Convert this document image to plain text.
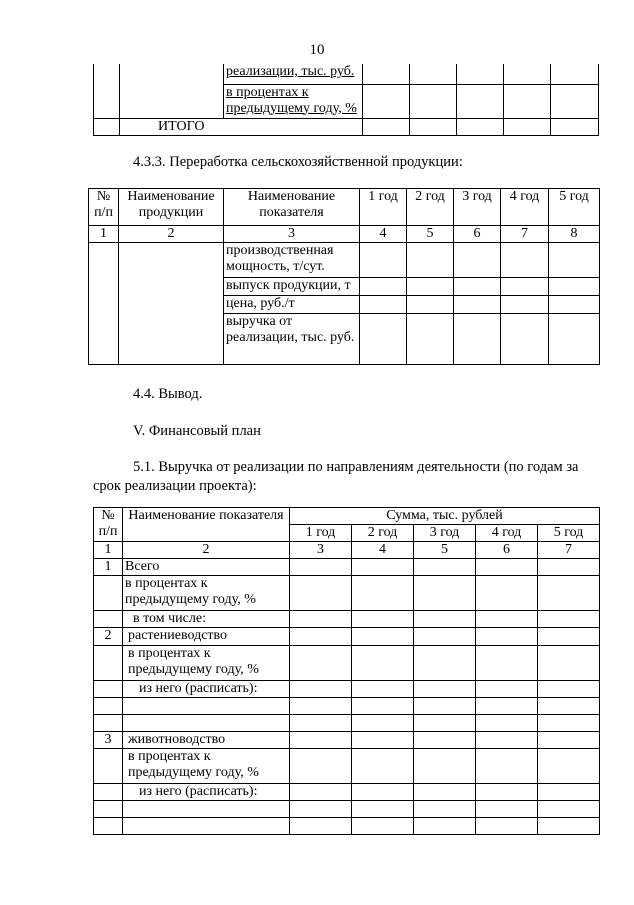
10
		реализации, тыс. руб.					
		в процентах к предыдущему году, %					
	ИТОГО						

4.3.3. Переработка сельскохозяйственной продукции:

№ п/п	Наименование продукции	Наименование показателя	1 год	2 год	3 год	4 год	5 год
1	2	3	4	5	6	7	8
		производственная мощность, т/сут.					
		выпуск продукции, т					
		цена, руб./т					
		выручка от реализации, тыс. руб.					

4.4. Вывод.

V. Финансовый план

5.1. Выручка от реализации по направлениям деятельности (по годам за

срок реализации проекта):

№ п/п	Наименование показателя	Сумма, тыс. рублей				
		1 год	2 год	3 год	4 год	5 год
1	2	3	4	5	6	7
1	Всего					
	в процентах к предыдущему году, %					
	в том числе:					
2	растениеводство					
	в процентах к предыдущему году, %					
	из него (расписать):					

3	животноводство					
	в процентах к предыдущему году, %					
	из него (расписать):					
